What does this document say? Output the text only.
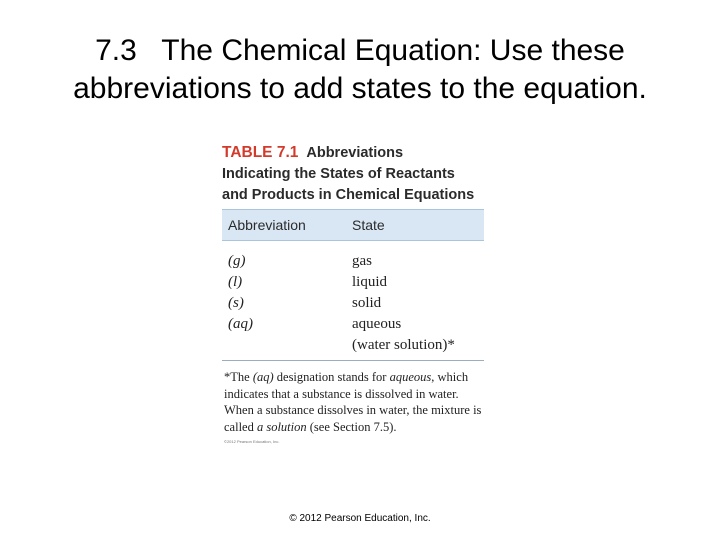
7.3   The Chemical Equation: Use these
abbreviations to add states to the equation.
TABLE 7.1 Abbreviations
Indicating the States of Reactants
and Products in Chemical Equations
Abbreviation	State
(g)	gas
(l)	liquid
(s)	solid
(aq)	aqueous
(water solution)*
*The (aq) designation stands for aqueous, which indicates that a substance is dissolved in water. When a substance dissolves in water, the mixture is called a solution (see Section 7.5).
©2012 Pearson Education, Inc.
© 2012 Pearson Education, Inc.
